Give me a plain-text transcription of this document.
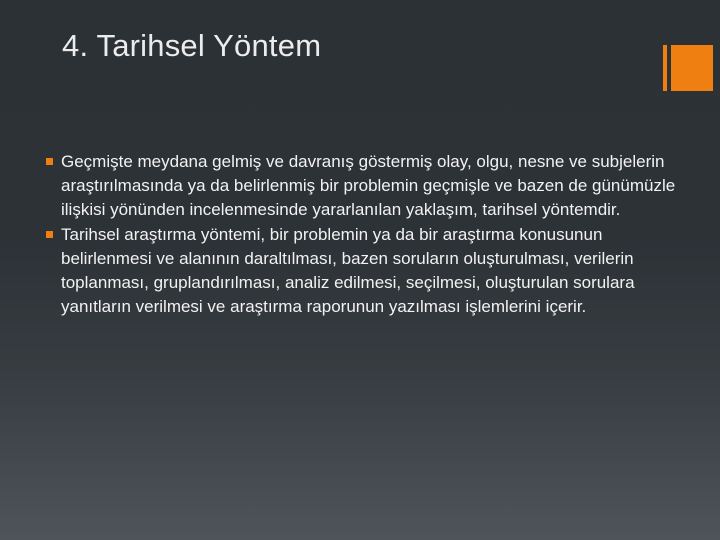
4. Tarihsel Yöntem
Geçmişte meydana gelmiş ve davranış göstermiş olay, olgu, nesne ve subjelerin araştırılmasında ya da belirlenmiş bir problemin geçmişle ve bazen de günümüzle ilişkisi yönünden incelenmesinde yararlanılan yaklaşım, tarihsel yöntemdir.
Tarihsel araştırma yöntemi, bir problemin ya da bir araştırma konusunun belirlenmesi ve alanının daraltılması, bazen soruların oluşturulması, verilerin toplanması, gruplandırılması, analiz edilmesi, seçilmesi, oluşturulan sorulara yanıtların verilmesi ve araştırma raporunun yazılması işlemlerini içerir.
